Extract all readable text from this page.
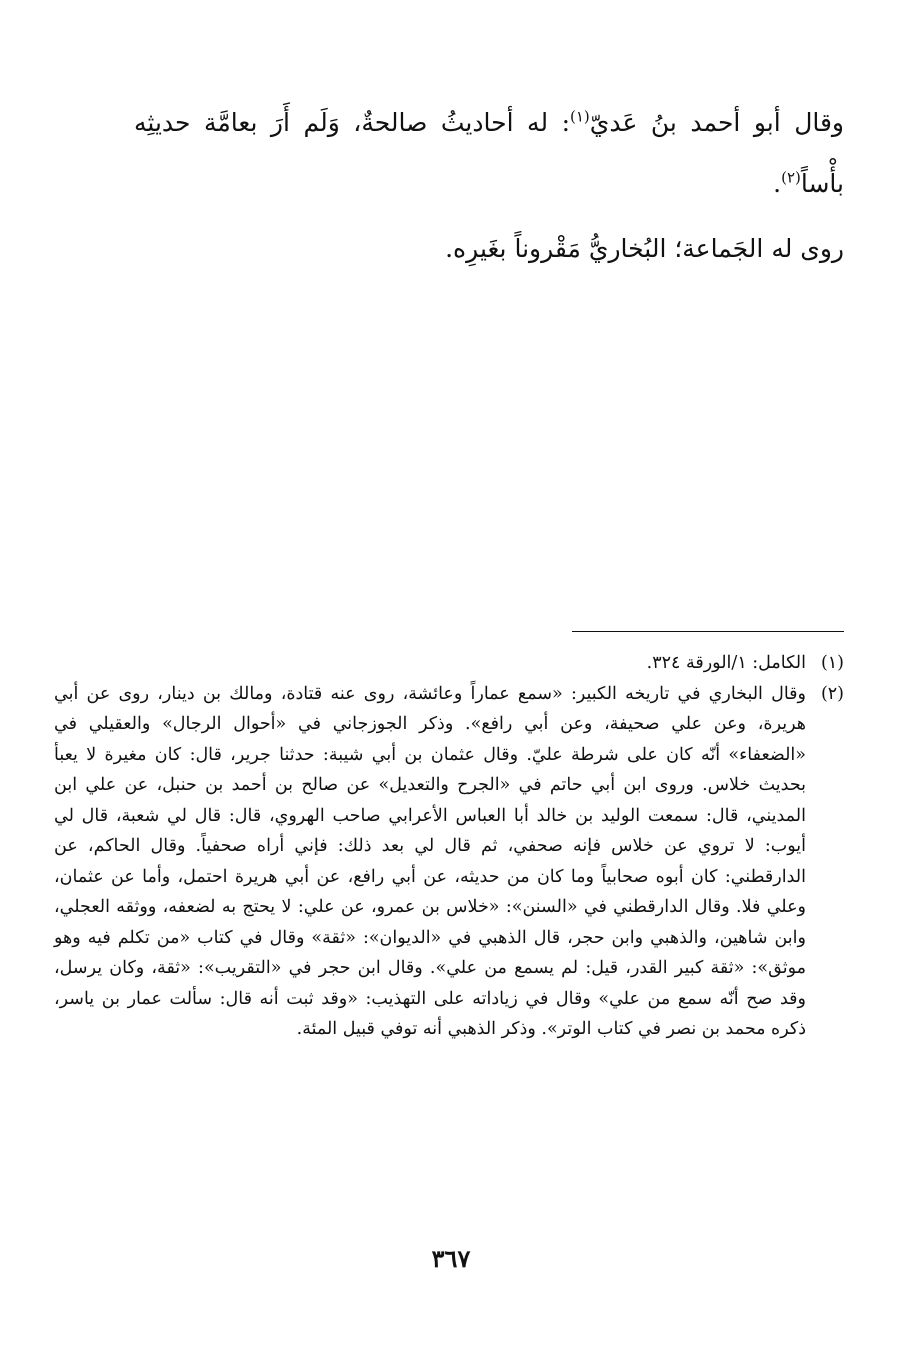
وقال أبو أحمد بنُ عَديّ$^{(١)}$: له أحاديثُ صالحةٌ، وَلَم أَرَ بعامَّة حديثِه بأْساً$^{(٢)}$.

روى له الجَماعة؛ البُخاريُّ مَقْروناً بغَيرِه.

(١)
الكامل: ١/الورقة ٣٢٤.
(٢)
وقال البخاري في تاريخه الكبير: «سمع عماراً وعائشة، روى عنه قتادة، ومالك بن دينار، روى عن أبي هريرة، وعن علي صحيفة، وعن أبي رافع». وذكر الجوزجاني في «أحوال الرجال» والعقيلي في «الضعفاء» أنّه كان على شرطة عليّ. وقال عثمان بن أبي شيبة: حدثنا جرير، قال: كان مغيرة لا يعبأ بحديث خلاس. وروى ابن أبي حاتم في «الجرح والتعديل» عن صالح بن أحمد بن حنبل، عن علي ابن المديني، قال: سمعت الوليد بن خالد أبا العباس الأعرابي صاحب الهروي، قال: قال لي شعبة، قال لي أيوب: لا تروي عن خلاس فإنه صحفي، ثم قال لي بعد ذلك: فإني أراه صحفياً. وقال الحاكم، عن الدارقطني: كان أبوه صحابياً وما كان من حديثه، عن أبي رافع، عن أبي هريرة احتمل، وأما عن عثمان، وعلي فلا. وقال الدارقطني في «السنن»: «خلاس بن عمرو، عن علي: لا يحتج به لضعفه، ووثقه العجلي، وابن شاهين، والذهبي وابن حجر، قال الذهبي في «الديوان»: «ثقة» وقال في كتاب «من تكلم فيه وهو موثق»: «ثقة كبير القدر، قيل: لم يسمع من علي». وقال ابن حجر في «التقريب»: «ثقة، وكان يرسل، وقد صح أنّه سمع من علي» وقال في زياداته على التهذيب: «وقد ثبت أنه قال: سألت عمار بن ياسر، ذكره محمد بن نصر في كتاب الوتر». وذكر الذهبي أنه توفي قبيل المئة.
٣٦٧
